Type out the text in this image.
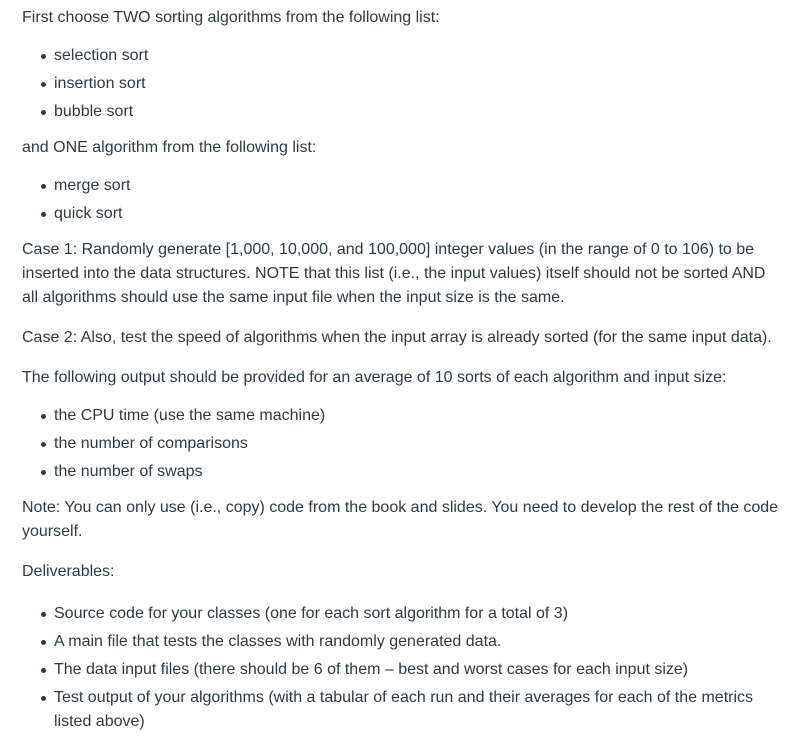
First choose TWO sorting algorithms from the following list:

selection sort
insertion sort
bubble sort

and ONE algorithm from the following list:

merge sort
quick sort

Case 1: Randomly generate [1,000, 10,000, and 100,000] integer values (in the range of 0 to 106) to be inserted into the data structures. NOTE that this list (i.e., the input values) itself should not be sorted AND all algorithms should use the same input file when the input size is the same.

Case 2: Also, test the speed of algorithms when the input array is already sorted (for the same input data).

The following output should be provided for an average of 10 sorts of each algorithm and input size:

the CPU time (use the same machine)
the number of comparisons
the number of swaps

Note: You can only use (i.e., copy) code from the book and slides. You need to develop the rest of the code yourself.

Deliverables:

Source code for your classes (one for each sort algorithm for a total of 3)
A main file that tests the classes with randomly generated data.
The data input files (there should be 6 of them – best and worst cases for each input size)
Test output of your algorithms (with a tabular of each run and their averages for each of the metrics listed above)
